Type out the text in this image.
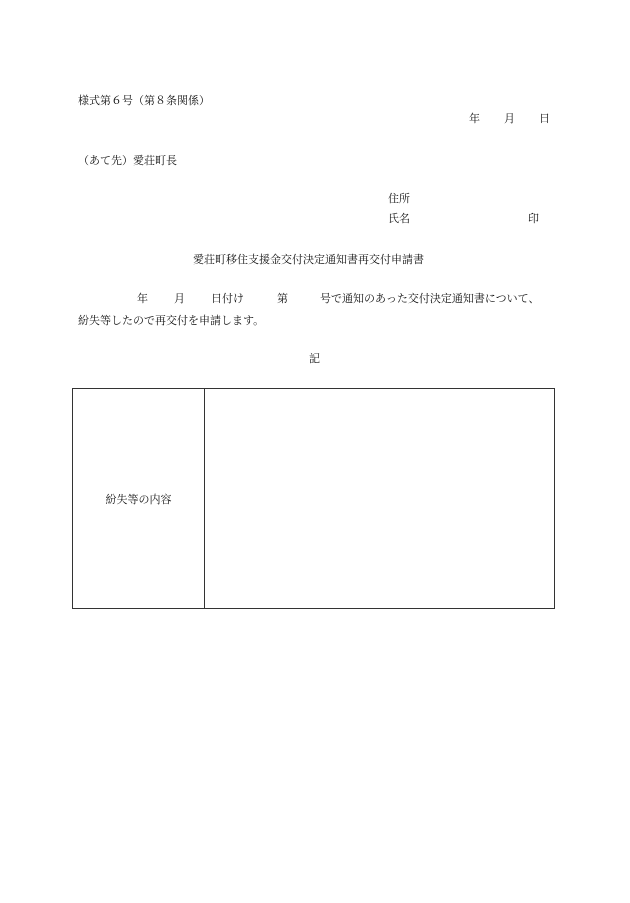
様式第６号（第８条関係）
年 月 日
（あて先）愛荘町長
住所
氏名	印
愛荘町移住支援金交付決定通知書再交付申請書
年 月 日付け	第	号で通知のあった交付決定通知書について、
紛失等したので再交付を申請します。
記
紛失等の内容
